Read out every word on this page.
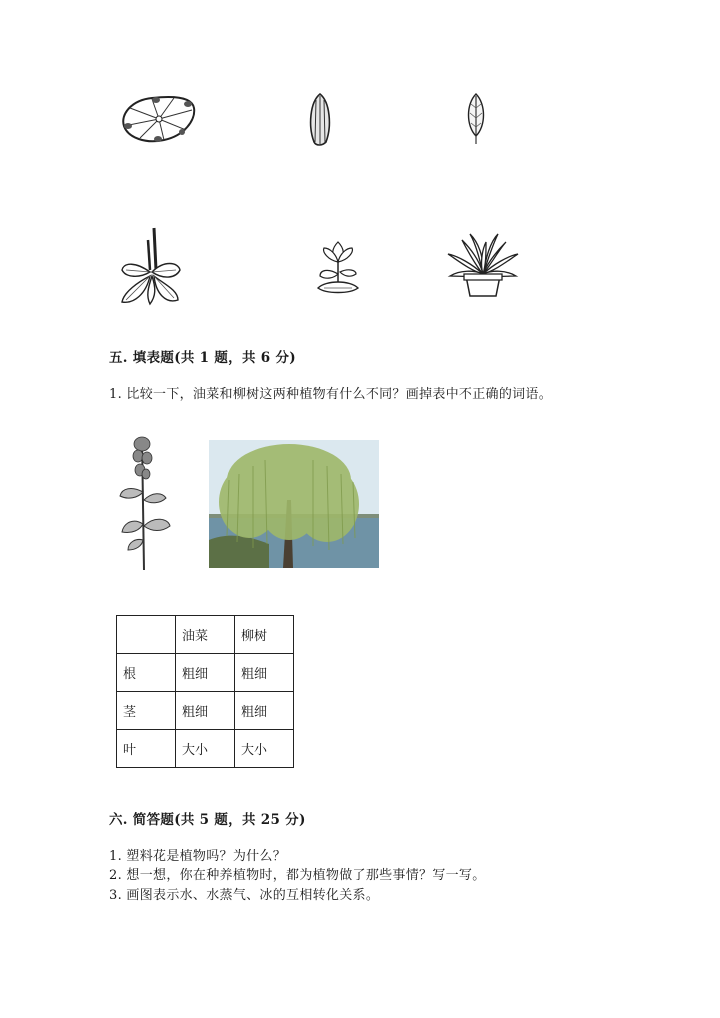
五. 填表题(共 1 题，共 6 分)
1. 比较一下，油菜和柳树这两种植物有什么不同？画掉表中不正确的词语。
	油菜	柳树
根	粗细	粗细
茎	粗细	粗细
叶	大小	大小
六. 简答题(共 5 题，共 25 分)
1. 塑料花是植物吗？为什么？
2. 想一想，你在种养植物时，都为植物做了那些事情？写一写。
3. 画图表示水、水蒸气、冰的互相转化关系。
